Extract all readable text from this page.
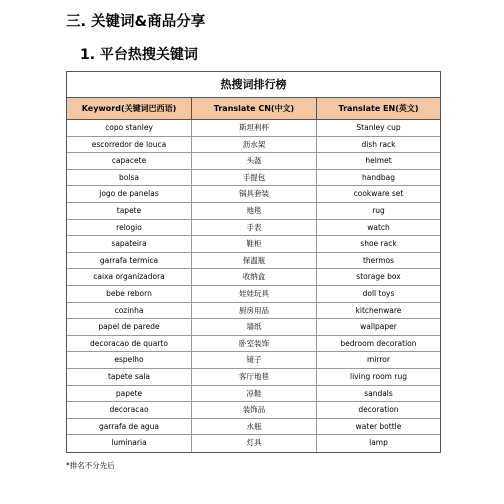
三. 关键词&商品分享
1. 平台热搜关键词
热搜词排行榜
Keyword(关键词巴西语)	Translate CN(中文)	Translate EN(英文)
copo stanley	斯坦利杯	Stanley cup
escorredor de louca	沥水架	dish rack
capacete	头盔	helmet
bolsa	手提包	handbag
jogo de panelas	锅具套装	cookware set
tapete	地毯	rug
relogio	手表	watch
sapateira	鞋柜	shoe rack
garrafa termica	保温瓶	thermos
caixa organizadora	收纳盒	storage box
bebe reborn	娃娃玩具	doll toys
cozinha	厨房用品	kitchenware
papel de parede	墙纸	wallpaper
decoracao de quarto	卧室装饰	bedroom decoration
espelho	镜子	mirror
tapete sala	客厅地毯	living room rug
papete	凉鞋	sandals
decoracao	装饰品	decoration
garrafa de agua	水瓶	water bottle
luminaria	灯具	lamp
*排名不分先后
